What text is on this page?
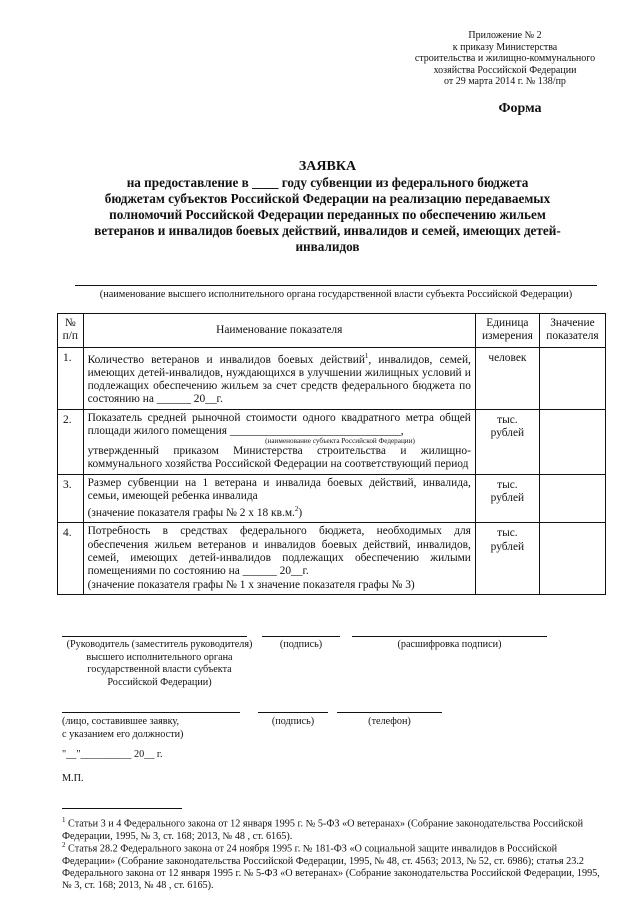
Приложение № 2
к приказу Министерства
строительства и жилищно-коммунального
хозяйства Российской Федерации
от 29 марта 2014 г. № 138/пр
Форма
ЗАЯВКА
на предоставление в ____ году субвенции из федерального бюджета
бюджетам субъектов Российской Федерации на реализацию передаваемых
полномочий Российской Федерации переданных по обеспечению жильем
ветеранов и инвалидов боевых действий, инвалидов и семей, имеющих детей-
инвалидов
(наименование высшего исполнительного органа государственной власти субъекта Российской Федерации)
№ п/п	Наименование показателя	Единица измерения	Значение показателя
1.	Количество ветеранов и инвалидов боевых действий$^1$, инвалидов, семей, имеющих детей-инвалидов, нуждающихся в улучшении жилищных условий и подлежащих обеспечению жильем за счет средств федерального бюджета по состоянию на ______ 20__г.	человек	
2.	Показатель средней рыночной стоимости одного квадратного метра общей площади жилого помещения ______________________________,
(наименование субъекта Российской Федерации)
утвержденный приказом Министерства строительства и жилищно-коммунального хозяйства Российской Федерации на соответствующий период	тыс. рублей	
3.	Размер субвенции на 1 ветерана и инвалида боевых действий, инвалида, семьи, имеющей ребенка инвалида
(значение показателя графы № 2 х 18 кв.м.$^2$)	тыс. рублей	
4.	Потребность в средствах федерального бюджета, необходимых для обеспечения жильем ветеранов и инвалидов боевых действий, инвалидов, семей, имеющих детей-инвалидов подлежащих обеспечению жилыми помещениями по состоянию на ______ 20__г.
(значение показателя графы № 1 х значение показателя графы № 3)	тыс. рублей	
(Руководитель (заместитель руководителя)
высшего исполнительного органа
государственной власти субъекта
Российской Федерации)
(подпись)	(расшифровка подписи)
(лицо, составившее заявку,
с указанием его должности)
(подпись)	(телефон)
"__"__________ 20__ г.
М.П.
$^1$ Статьи 3 и 4 Федерального закона от 12 января 1995 г. № 5-ФЗ «О ветеранах» (Собрание законодательства Российской Федерации, 1995, № 3, ст. 168; 2013, № 48 , ст. 6165).
$^2$ Статья 28.2 Федерального закона от 24 ноября 1995 г. № 181-ФЗ «О социальной защите инвалидов в Российской Федерации» (Собрание законодательства Российской Федерации, 1995, № 48, ст. 4563; 2013, № 52, ст. 6986); статья 23.2 Федерального закона от 12 января 1995 г. № 5-ФЗ «О ветеранах» (Собрание законодательства Российской Федерации, 1995, № 3, ст. 168; 2013, № 48 , ст. 6165).
